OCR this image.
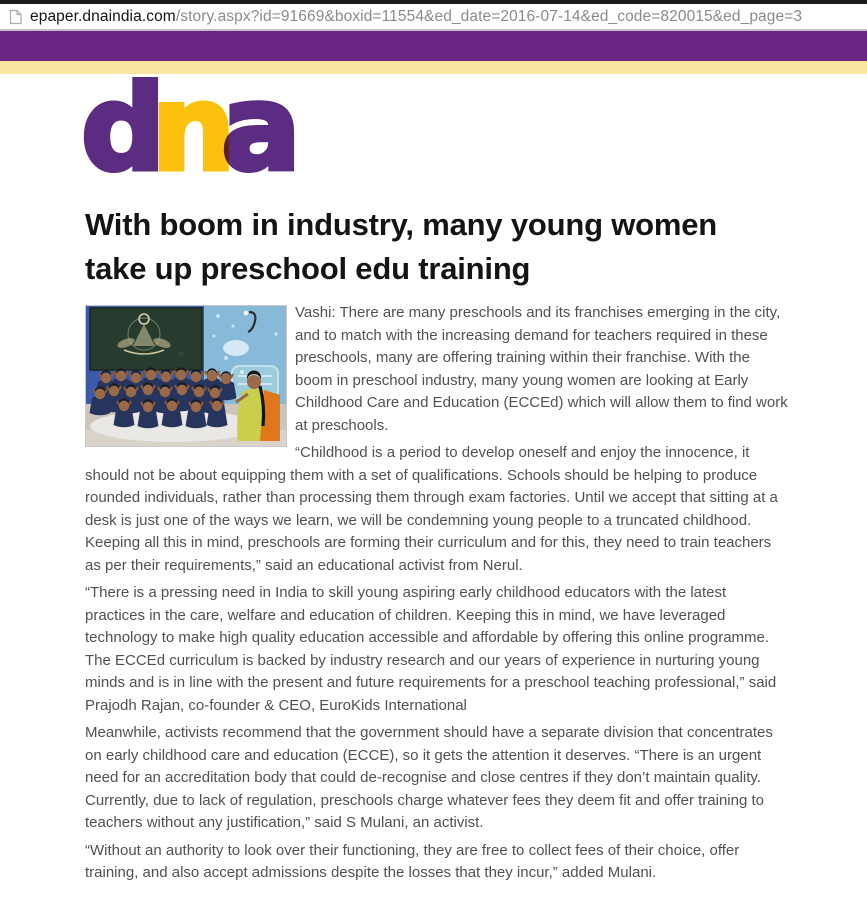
epaper.dnaindia.com/story.aspx?id=91669&boxid=11554&ed_date=2016-07-14&ed_code=820015&ed_page=3
dna
With boom in industry, many young women take up preschool edu training

Vashi: There are many preschools and its franchises emerging in the city, and to match with the increasing demand for teachers required in these preschools, many are offering training within their franchise. With the boom in preschool industry, many young women are looking at Early Childhood Care and Education (ECCEd) which will allow them to find work at preschools.

“Childhood is a period to develop oneself and enjoy the innocence, it should not be about equipping them with a set of qualifications. Schools should be helping to produce rounded individuals, rather than processing them through exam factories. Until we accept that sitting at a desk is just one of the ways we learn, we will be condemning young people to a truncated childhood. Keeping all this in mind, preschools are forming their curriculum and for this, they need to train teachers as per their requirements,” said an educational activist from Nerul.

“There is a pressing need in India to skill young aspiring early childhood educators with the latest practices in the care, welfare and education of children. Keeping this in mind, we have leveraged technology to make high quality education accessible and affordable by offering this online programme. The ECCEd curriculum is backed by industry research and our years of experience in nurturing young minds and is in line with the present and future requirements for a preschool teaching professional,” said Prajodh Rajan, co-founder & CEO, EuroKids International

Meanwhile, activists recommend that the government should have a separate division that concentrates on early childhood care and education (ECCE), so it gets the attention it deserves. “There is an urgent need for an accreditation body that could de-recognise and close centres if they don’t maintain quality. Currently, due to lack of regulation, preschools charge whatever fees they deem fit and offer training to teachers without any justification,” said S Mulani, an activist.

“Without an authority to look over their functioning, they are free to collect fees of their choice, offer training, and also accept admissions despite the losses that they incur,” added Mulani.
